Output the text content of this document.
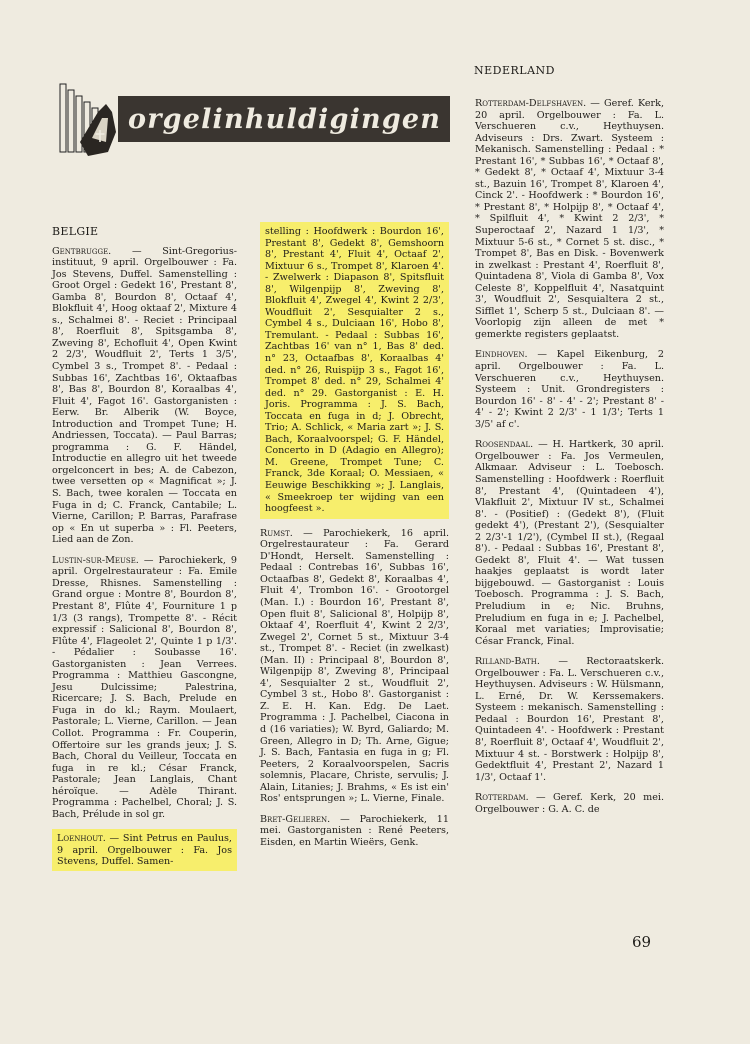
orgelinhuldigingen
NEDERLAND
BELGIE

Gentbrugge. — Sint-Gregorius-instituut, 9 april. Orgelbouwer : Fa. Jos Stevens, Duffel. Samenstelling : Groot Orgel : Gedekt 16', Prestant 8', Gamba 8', Bourdon 8', Octaaf 4', Blokfluit 4', Hoog oktaaf 2', Mixture 4 s., Schalmei 8'. - Reciet : Principaal 8', Roerfluit 8', Spitsgamba 8', Zweving 8', Echofluit 4', Open Kwint 2 2/3', Woudfluit 2', Terts 1 3/5', Cymbel 3 s., Trompet 8'. - Pedaal : Subbas 16', Zachtbas 16', Oktaafbas 8', Bas 8', Bourdon 8', Koraalbas 4', Fluit 4', Fagot 16'. Gastorganisten : Eerw. Br. Alberik (W. Boyce, Introduction and Trompet Tune; H. Andriessen, Toccata). — Paul Barras; programma : G. F. Händel, Introductie en allegro uit het tweede orgelconcert in bes; A. de Cabezon, twee versetten op « Magnificat »; J. S. Bach, twee koralen — Toccata en Fuga in d; C. Franck, Cantabile; L. Vierne, Carillon; P. Barras, Parafrase op « En ut superba » : Fl. Peeters, Lied aan de Zon.

Lustin-sur-Meuse. — Parochiekerk, 9 april. Orgelrestaurateur : Fa. Emile Dresse, Rhisnes. Samenstelling : Grand orgue : Montre 8', Bourdon 8', Prestant 8', Flûte 4', Fourniture 1 p 1/3 (3 rangs), Trompette 8'. - Récit expressif : Salicional 8', Bourdon 8', Flûte 4', Flageolet 2', Quinte 1 p 1/3'. - Pédalier : Soubasse 16'. Gastorganisten : Jean Verrees. Programma : Matthieu Gascongne, Jesu Dulcissime; Palestrina, Ricercare; J. S. Bach, Prelude en Fuga in do kl.; Raym. Moulaert, Pastorale; L. Vierne, Carillon. — Jean Collot. Programma : Fr. Couperin, Offertoire sur les grands jeux; J. S. Bach, Choral du Veilleur, Toccata en fuga in re kl.; César Franck, Pastorale; Jean Langlais, Chant héroïque. — Adèle Thirant. Programma : Pachelbel, Choral; J. S. Bach, Prélude in sol gr.

Loenhout. — Sint Petrus en Paulus, 9 april. Orgelbouwer : Fa. Jos Stevens, Duffel. Samen-

stelling : Hoofdwerk : Bourdon 16', Prestant 8', Gedekt 8', Gemshoorn 8', Prestant 4', Fluit 4', Octaaf 2', Mixtuur 6 s., Trompet 8', Klaroen 4'. - Zwelwerk : Diapason 8', Spitsfluit 8', Wilgenpijp 8', Zweving 8', Blokfluit 4', Zwegel 4', Kwint 2 2/3', Woudfluit 2', Sesquialter 2 s., Cymbel 4 s., Dulciaan 16', Hobo 8', Tremulant. - Pedaal : Subbas 16', Zachtbas 16' van n° 1, Bas 8' ded. n° 23, Octaafbas 8', Koraalbas 4' ded. n° 26, Ruispijp 3 s., Fagot 16', Trompet 8' ded. n° 29, Schalmei 4' ded. n° 29. Gastorganist : E. H. Joris. Programma : J. S. Bach, Toccata en fuga in d; J. Obrecht, Trio; A. Schlick, « Maria zart »; J. S. Bach, Koraalvoorspel; G. F. Händel, Concerto in D (Adagio en Allegro); M. Greene, Trompet Tune; C. Franck, 3de Koraal; O. Messiaen, « Eeuwige Beschikking »; J. Langlais, « Smeekroep ter wijding van een hoogfeest ».

Rumst. — Parochiekerk, 16 april. Orgelrestaurateur : Fa. Gerard D'Hondt, Herselt. Samenstelling : Pedaal : Contrebas 16', Subbas 16', Octaafbas 8', Gedekt 8', Koraalbas 4', Fluit 4', Trombon 16'. - Grootorgel (Man. I.) : Bourdon 16', Prestant 8', Open fluit 8', Salicional 8', Holpijp 8', Oktaaf 4', Roerfluit 4', Kwint 2 2/3', Zwegel 2', Cornet 5 st., Mixtuur 3-4 st., Trompet 8'. - Reciet (in zwelkast) (Man. II) : Principaal 8', Bourdon 8', Wilgenpijp 8', Zweving 8', Principaal 4', Sesquialter 2 st., Woudfluit 2', Cymbel 3 st., Hobo 8'. Gastorganist : Z. E. H. Kan. Edg. De Laet. Programma : J. Pachelbel, Ciacona in d (16 variaties); W. Byrd, Galiardo; M. Green, Allegro in D; Th. Arne, Gigue; J. S. Bach, Fantasia en fuga in g; Fl. Peeters, 2 Koraalvoorspelen, Sacris solemnis, Placare, Christe, servulis; J. Alain, Litanies; J. Brahms, « Es ist ein' Ros' entsprungen »; L. Vierne, Finale.

Bret-Gelieren. — Parochiekerk, 11 mei. Gastorganisten : René Peeters, Eisden, en Martin Wieërs, Genk.

Rotterdam-Delfshaven. — Geref. Kerk, 20 april. Orgelbouwer : Fa. L. Verschueren c.v., Heythuysen. Adviseurs : Drs. Zwart. Systeem : Mekanisch. Samenstelling : Pedaal : * Prestant 16', * Subbas 16', * Octaaf 8', * Gedekt 8', * Octaaf 4', Mixtuur 3-4 st., Bazuin 16', Trompet 8', Klaroen 4', Cinck 2'. - Hoofdwerk : * Bourdon 16', * Prestant 8', * Holpijp 8', * Octaaf 4', * Spilfluit 4', * Kwint 2 2/3', * Superoctaaf 2', Nazard 1 1/3', * Mixtuur 5-6 st., * Cornet 5 st. disc., * Trompet 8', Bas en Disk. - Bovenwerk in zwelkast : Prestant 4', Roerfluit 8', Quintadena 8', Viola di Gamba 8', Vox Celeste 8', Koppelfluit 4', Nasatquint 3', Woudfluit 2', Sesquialtera 2 st., Sifflet 1', Scherp 5 st., Dulciaan 8'. — Voorlopig zijn alleen de met * gemerkte registers geplaatst.

Eindhoven. — Kapel Eikenburg, 2 april. Orgelbouwer : Fa. L. Verschueren c.v., Heythuysen. Systeem : Unit. Grondregisters : Bourdon 16' - 8' - 4' - 2'; Prestant 8' - 4' - 2'; Kwint 2 2/3' - 1 1/3'; Terts 1 3/5' af c'.

Roosendaal. — H. Hartkerk, 30 april. Orgelbouwer : Fa. Jos Vermeulen, Alkmaar. Adviseur : L. Toebosch. Samenstelling : Hoofdwerk : Roerfluit 8', Prestant 4', (Quintadeen 4'), Vlakfluit 2', Mixtuur IV st., Schalmei 8'. - (Positief) : (Gedekt 8'), (Fluit gedekt 4'), (Prestant 2'), (Sesquialter 2 2/3'-1 1/2'), (Cymbel II st.), (Regaal 8'). - Pedaal : Subbas 16', Prestant 8', Gedekt 8', Fluit 4'. — Wat tussen haakjes geplaatst is wordt later bijgebouwd. — Gastorganist : Louis Toebosch. Programma : J. S. Bach, Preludium in e; Nic. Bruhns, Preludium en fuga in e; J. Pachelbel, Koraal met variaties; Improvisatie; César Franck, Final.

Rilland-Bath. — Rectoraatskerk. Orgelbouwer : Fa. L. Verschueren c.v., Heythuysen. Adviseurs : W. Hülsmann, L. Erné, Dr. W. Kerssemakers. Systeem : mekanisch. Samenstelling : Pedaal : Bourdon 16', Prestant 8', Quintadeen 4'. - Hoofdwerk : Prestant 8', Roerfluit 8', Octaaf 4', Woudfluit 2', Mixtuur 4 st. - Borstwerk : Holpijp 8', Gedektfluit 4', Prestant 2', Nazard 1 1/3', Octaaf 1'.

Rotterdam. — Geref. Kerk, 20 mei. Orgelbouwer : G. A. C. de

69
